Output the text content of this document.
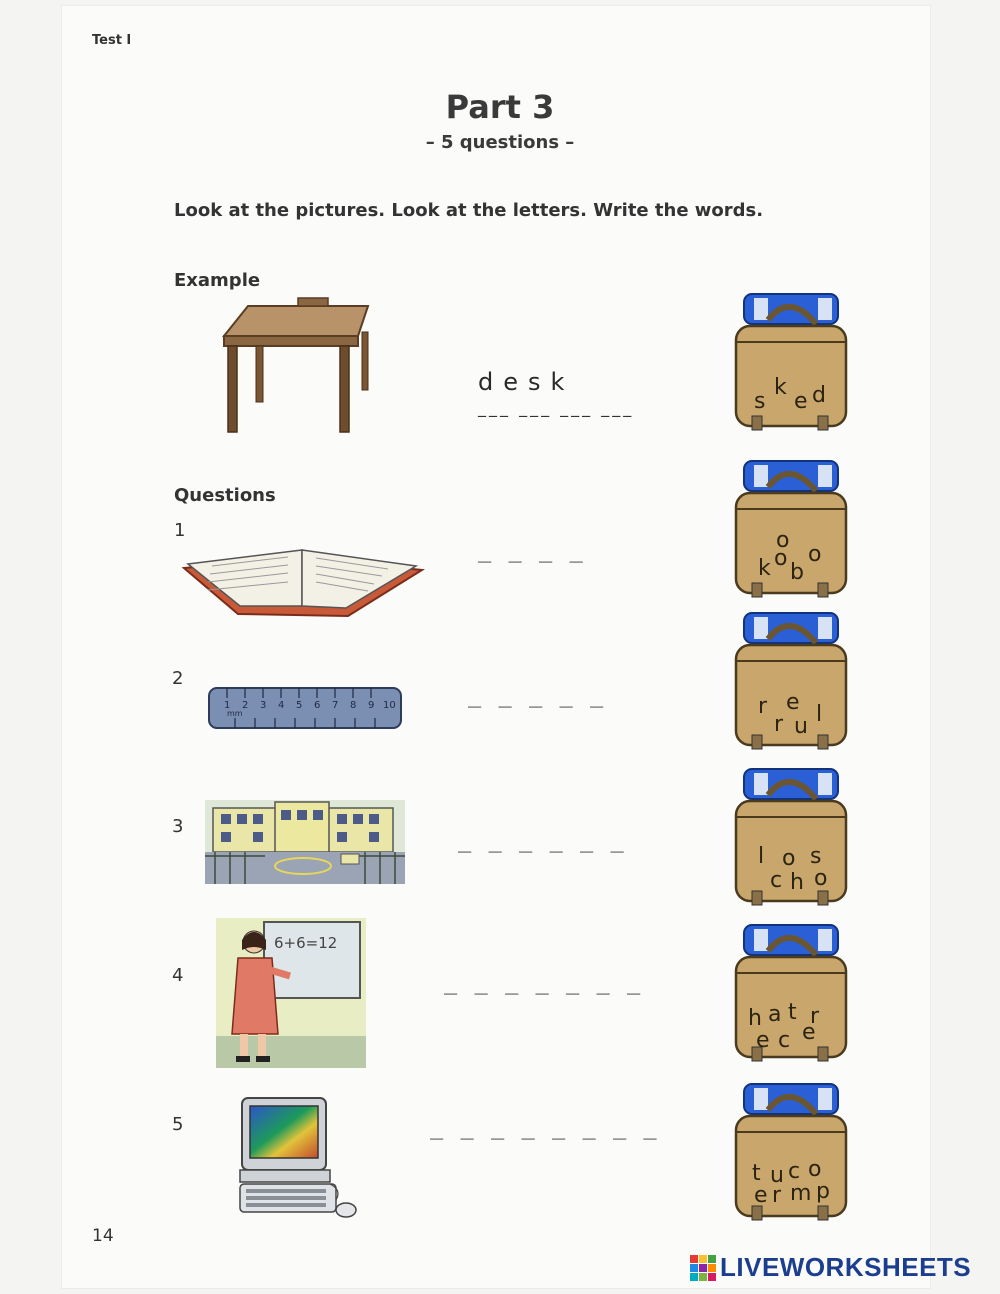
Test I
Part 3
– 5 questions –
Look at the pictures. Look at the letters. Write the words.
Example
desk
___ ___ ___ ___
Questions
1
2
3
4
5
1 2 3 4 5 6 7 8 9 10
mm
6+6=12
_ _ _ _
_ _ _ _ _
_ _ _ _ _ _
_ _ _ _ _ _ _
_ _ _ _ _ _ _ _
s
k
e d
o
k
o
b
o
r e l
r u
l o s
c h o
h a t r
e c e
t u c o
e r m p
14
LIVEWORKSHEETS
